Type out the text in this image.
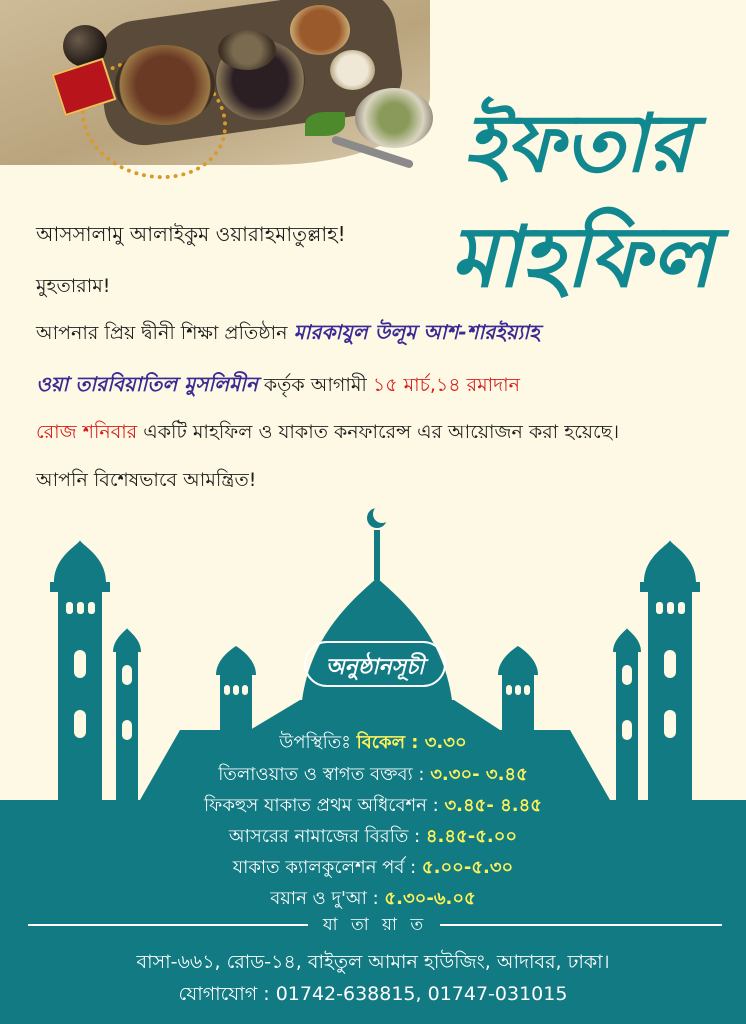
ইফতার
মাহফিল
আসসালামু আলাইকুম ওয়ারাহমাতুল্লাহ!
মুহতারাম!
আপনার প্রিয় দ্বীনী শিক্ষা প্রতিষ্ঠান মারকাযুল উলূম আশ-শারইয়্যাহ
ওয়া তারবিয়াতিল মুসলিমীন কর্তৃক আগামী ১৫ মার্চ,১৪ রমাদান
রোজ শনিবার একটি মাহফিল ও যাকাত কনফারেন্স এর আয়োজন করা হয়েছে।
আপনি বিশেষভাবে আমন্ত্রিত!
অনুষ্ঠানসূচী
উপস্থিতিঃ বিকেল : ৩.৩০
তিলাওয়াত ও স্বাগত বক্তব্য : ৩.৩০- ৩.৪৫
ফিকহুস যাকাত প্রথম অধিবেশন : ৩.৪৫- ৪.৪৫
আসরের নামাজের বিরতি : ৪.৪৫-৫.০০
যাকাত ক্যালকুলেশন পর্ব : ৫.০০-৫.৩০
বয়ান ও দু'আ : ৫.৩০-৬.০৫
যা তা য়া ত
বাসা-৬৬১, রোড-১৪, বাইতুল আমান হাউজিং, আদাবর, ঢাকা।
যোগাযোগ : 01742-638815, 01747-031015
